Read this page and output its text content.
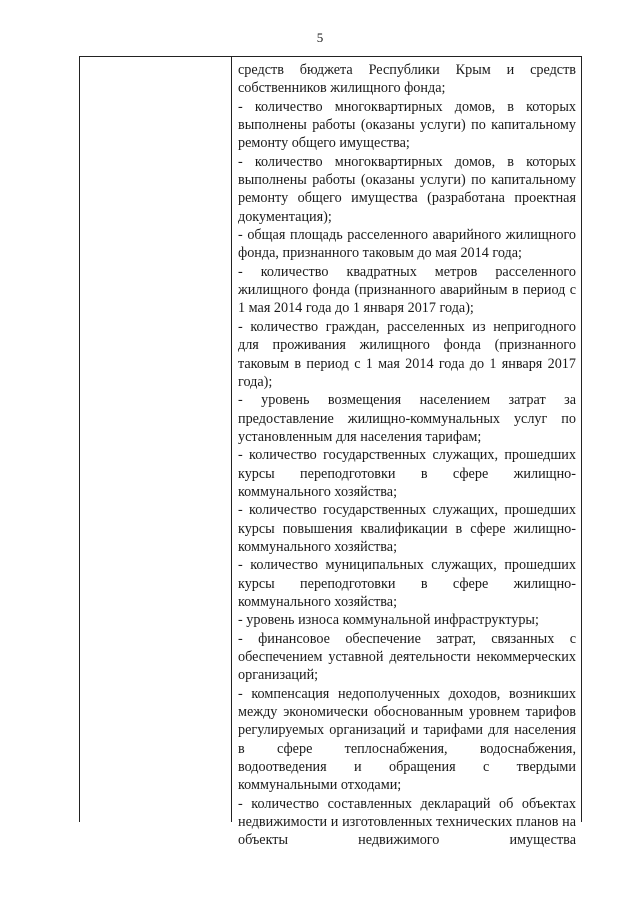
5

средств бюджета Республики Крым и средств собственников жилищного фонда;

- количество многоквартирных домов, в которых выполнены работы (оказаны услуги) по капитальному ремонту общего имущества;

- количество многоквартирных домов, в которых выполнены работы (оказаны услуги) по капитальному ремонту общего имущества (разработана проектная документация);

- общая площадь расселенного аварийного жилищного фонда, признанного таковым до мая 2014 года;

- количество квадратных метров расселенного жилищного фонда (признанного аварийным в период с 1 мая 2014 года до 1 января 2017 года);

- количество граждан, расселенных из непригодного для проживания жилищного фонда (признанного таковым в период с 1 мая 2014 года до 1 января 2017 года);

- уровень возмещения населением затрат за предоставление жилищно-коммунальных услуг по установленным для населения тарифам;

- количество государственных служащих, прошедших курсы переподготовки в сфере жилищно-коммунального хозяйства;

- количество государственных служащих, прошедших курсы повышения квалификации в сфере жилищно-коммунального хозяйства;

- количество муниципальных служащих, прошедших курсы переподготовки в сфере жилищно-коммунального хозяйства;

- уровень износа коммунальной инфраструктуры;

- финансовое обеспечение затрат, связанных с обеспечением уставной деятельности некоммерческих организаций;

- компенсация недополученных доходов, возникших между экономически обоснованным уровнем тарифов регулируемых организаций и тарифами для населения в сфере теплоснабжения, водоснабжения, водоотведения и обращения с твердыми коммунальными отходами;

- количество составленных деклараций об объектах недвижимости и изготовленных технических планов на объекты недвижимого имущества
